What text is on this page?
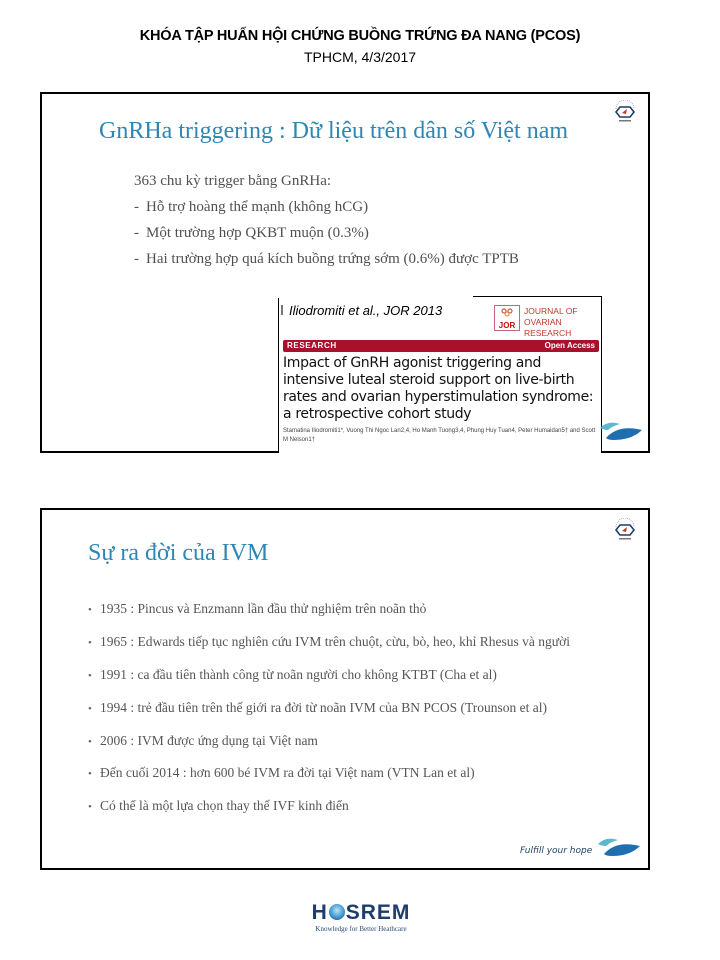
KHÓA TẬP HUẤN HỘI CHỨNG BUỒNG TRỨNG ĐA NANG (PCOS)
TPHCM, 4/3/2017
GnRHa triggering : Dữ liệu trên dân số Việt nam
363 chu kỳ trigger bằng GnRHa:
- Hỗ trợ hoàng thể mạnh (không hCG)
- Một trường hợp QKBT muộn (0.3%)
- Hai trường hợp quá kích buồng trứng sớm (0.6%) được TPTB
Iliodromiti et al., JOR 2013
JOR
JOURNAL OF
OVARIAN RESEARCH
RESEARCH	Open Access
Impact of GnRH agonist triggering and intensive luteal steroid support on live-birth rates and ovarian hyperstimulation syndrome: a retrospective cohort study
Stamatina Iliodromiti1*, Vuong Thi Ngoc Lan2,4, Ho Manh Tuong3,4, Phung Huy Tuan4, Peter Humaidan5† and Scott M Nelson1†
Sự ra đời của IVM
• 1935 : Pincus và Enzmann lần đầu thử nghiệm trên noãn thỏ
• 1965 : Edwards tiếp tục nghiên cứu IVM trên chuột, cừu, bò, heo, khỉ Rhesus và người
• 1991 : ca đầu tiên thành công từ noãn người cho không KTBT (Cha et al)
• 1994 : trẻ đầu tiên trên thế giới ra đời từ noãn IVM của BN PCOS (Trounson et al)
• 2006 : IVM được ứng dụng tại Việt nam
• Đến cuối 2014 : hơn 600 bé IVM ra đời tại Việt nam (VTN Lan et al)
• Có thể là một lựa chọn thay thế IVF kinh điển
Fulfill your hope
H SREM
Knowledge for Better Heathcare
